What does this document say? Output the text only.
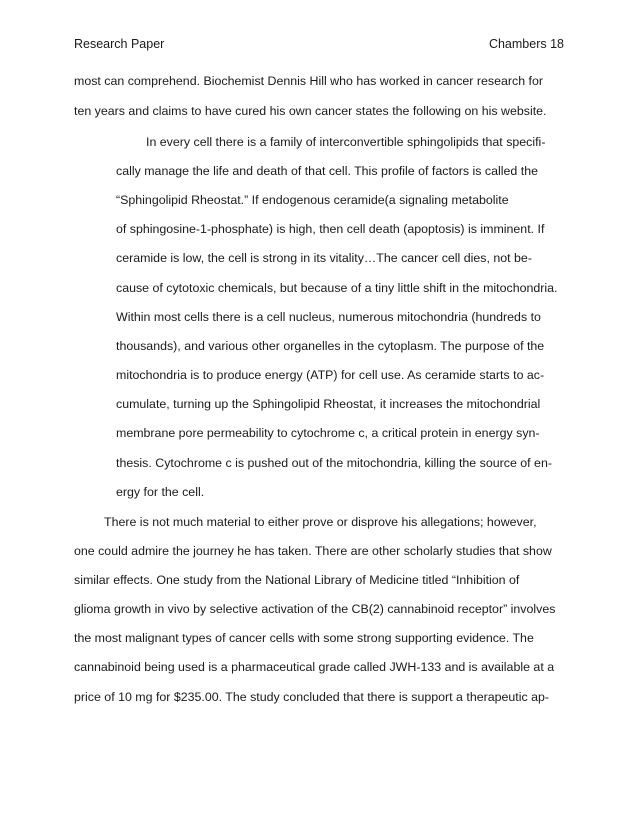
Research Paper	Chambers 18
most can comprehend. Biochemist Dennis Hill who has worked in cancer research for
ten years and claims to have cured his own cancer states the following on his website.
In every cell there is a family of interconvertible sphingolipids that specifi-
cally manage the life and death of that cell. This profile of factors is called the
“Sphingolipid Rheostat.” If endogenous ceramide(a signaling metabolite
of sphingosine-1-phosphate) is high, then cell death (apoptosis) is imminent. If
ceramide is low, the cell is strong in its vitality…The cancer cell dies, not be-
cause of cytotoxic chemicals, but because of a tiny little shift in the mitochondria.
Within most cells there is a cell nucleus, numerous mitochondria (hundreds to
thousands), and various other organelles in the cytoplasm. The purpose of the
mitochondria is to produce energy (ATP) for cell use. As ceramide starts to ac-
cumulate, turning up the Sphingolipid Rheostat, it increases the mitochondrial
membrane pore permeability to cytochrome c, a critical protein in energy syn-
thesis. Cytochrome c is pushed out of the mitochondria, killing the source of en-
ergy for the cell.
There is not much material to either prove or disprove his allegations; however,
one could admire the journey he has taken. There are other scholarly studies that show
similar effects. One study from the National Library of Medicine titled “Inhibition of
glioma growth in vivo by selective activation of the CB(2) cannabinoid receptor” involves
the most malignant types of cancer cells with some strong supporting evidence. The
cannabinoid being used is a pharmaceutical grade called JWH-133 and is available at a
price of 10 mg for $235.00. The study concluded that there is support a therapeutic ap-
